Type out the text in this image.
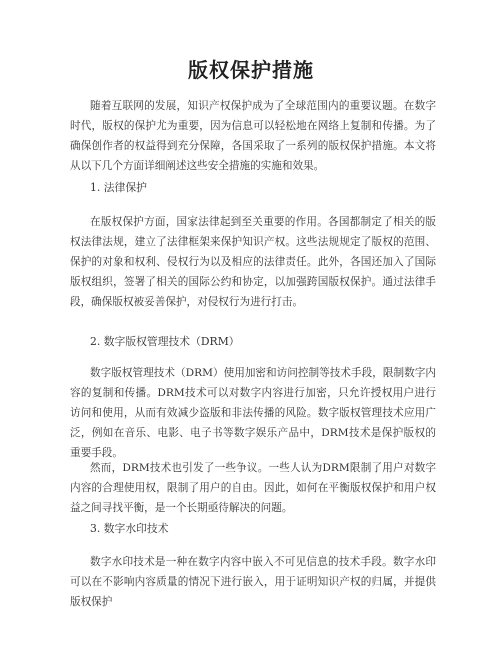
版权保护措施
随着互联网的发展，知识产权保护成为了全球范围内的重要议题。在数字时代，版权的保护尤为重要，因为信息可以轻松地在网络上复制和传播。为了确保创作者的权益得到充分保障，各国采取了一系列的版权保护措施。本文将从以下几个方面详细阐述这些安全措施的实施和效果。
1. 法律保护
在版权保护方面，国家法律起到至关重要的作用。各国都制定了相关的版权法律法规，建立了法律框架来保护知识产权。这些法规规定了版权的范围、保护的对象和权利、侵权行为以及相应的法律责任。此外，各国还加入了国际版权组织，签署了相关的国际公约和协定，以加强跨国版权保护。通过法律手段，确保版权被妥善保护，对侵权行为进行打击。
2. 数字版权管理技术（DRM）
数字版权管理技术（DRM）使用加密和访问控制等技术手段，限制数字内容的复制和传播。DRM技术可以对数字内容进行加密，只允许授权用户进行访问和使用，从而有效减少盗版和非法传播的风险。数字版权管理技术应用广泛，例如在音乐、电影、电子书等数字娱乐产品中，DRM技术是保护版权的重要手段。
然而，DRM技术也引发了一些争议。一些人认为DRM限制了用户对数字内容的合理使用权，限制了用户的自由。因此，如何在平衡版权保护和用户权益之间寻找平衡，是一个长期亟待解决的问题。
3. 数字水印技术
数字水印技术是一种在数字内容中嵌入不可见信息的技术手段。数字水印可以在不影响内容质量的情况下进行嵌入，用于证明知识产权的归属，并提供版权保护
